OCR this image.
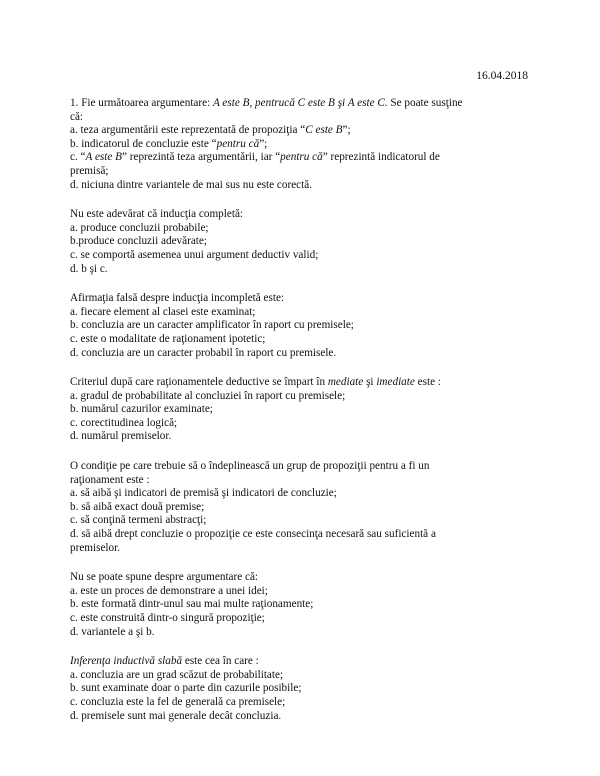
16.04.2018
1. Fie următoarea argumentare: A este B, pentrucă C este B şi A este C. Se poate susţine
că:
a. teza argumentării este reprezentată de propoziţia “C este B”;
b. indicatorul de concluzie este “pentru că”;
c. “A este B” reprezintă teza argumentării, iar “pentru că” reprezintă indicatorul de
premisă;
d. niciuna dintre variantele de mai sus nu este corectă.
Nu este adevărat că inducţia completă:
a. produce concluzii probabile;
b.produce concluzii adevărate;
c. se comportă asemenea unui argument deductiv valid;
d. b şi c.
Afirmaţia falsă despre inducţia incompletă este:
a. fiecare element al clasei este examinat;
b. concluzia are un caracter amplificator în raport cu premisele;
c. este o modalitate de raţionament ipotetic;
d. concluzia are un caracter probabil în raport cu premisele.
Criteriul după care raţionamentele deductive se împart în mediate şi imediate este :
a. gradul de probabilitate al concluziei în raport cu premisele;
b. numărul cazurilor examinate;
c. corectitudinea logică;
d. numărul premiselor.
O condiţie pe care trebuie să o îndeplinească un grup de propoziţii pentru a fi un
raţionament este :
a. să aibă şi indicatori de premisă şi indicatori de concluzie;
b. să aibă exact două premise;
c. să conţină termeni abstracţi;
d. să aibă drept concluzie o propoziţie ce este consecinţa necesară sau suficientă a
premiselor.
Nu se poate spune despre argumentare că:
a. este un proces de demonstrare a unei idei;
b. este formată dintr-unul sau mai multe raţionamente;
c. este construită dintr-o singură propoziţie;
d. variantele a şi b.
Inferenţa inductivă slabă este cea în care :
a. concluzia are un grad scăzut de probabilitate;
b. sunt examinate doar o parte din cazurile posibile;
c. concluzia este la fel de generală ca premisele;
d. premisele sunt mai generale decât concluzia.
